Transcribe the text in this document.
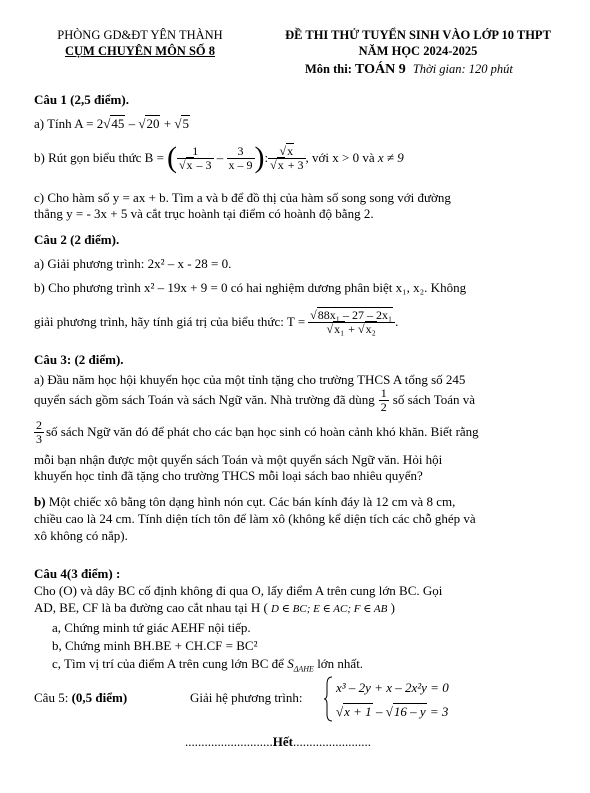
PHÒNG GD&ĐT YÊN THÀNH
CỤM CHUYÊN MÔN SỐ 8
ĐỀ THI THỬ TUYỂN SINH VÀO LỚP 10 THPT
NĂM HỌC 2024-2025
Môn thi: TOÁN 9 Thời gian: 120 phút
Câu 1 (2,5 điểm).
a) Tính A = 2√45 – √20 + √5
b) Rút gọn biểu thức B = ( $\frac{1}{√x - 3} - \frac{3}{x - 9}$ ) : $\frac{√x}{√x + 3}$ , với x > 0 và x ≠ 9
c) Cho hàm số y = ax + b. Tìm a và b để đồ thị của hàm số song song với đường
thẳng y = - 3x + 5 và cắt trục hoành tại điểm có hoành độ bằng 2.
Câu 2 (2 điểm).
a) Giải phương trình: 2x² – x - 28 = 0.
b) Cho phương trình x² – 19x + 9 = 0 có hai nghiệm dương phân biệt x₁, x₂. Không
giải phương trình, hãy tính giá trị của biểu thức: $T = \frac{\text{√88x₁ – 27 – 2x₁}}{\text{√x₁ + √x₂}}$ .
Câu 3: (2 điểm).
a) Đầu năm học hội khuyến học của một tỉnh tặng cho trường THCS A tổng số 245
quyển sách gồm sách Toán và sách Ngữ văn. Nhà trường đã dùng $\frac{1}{2}$ số sách Toán và
$\frac{2}{3}$ số sách Ngữ văn đó để phát cho các bạn học sinh có hoàn cảnh khó khăn. Biết rằng
mỗi bạn nhận được một quyển sách Toán và một quyển sách Ngữ văn. Hỏi hội
khuyến học tỉnh đã tặng cho trường THCS mỗi loại sách bao nhiêu quyển?
b) Một chiếc xô bằng tôn dạng hình nón cụt. Các bán kính đáy là 12 cm và 8 cm,
chiều cao là 24 cm. Tính diện tích tôn để làm xô (không kể diện tích các chỗ ghép và
xô không có nắp).
Câu 4(3 điểm) :
Cho (O) và dây BC cố định không đi qua O, lấy điểm A trên cung lớn BC. Gọi
AD, BE, CF là ba đường cao cắt nhau tại H ( D ∈ BC; E ∈ AC; F ∈ AB )
a, Chứng minh tứ giác AEHF nội tiếp.
b, Chứng minh BH.BE + CH.CF = BC²
c, Tìm vị trí của điểm A trên cung lớn BC để $S_{\Delta AHE}$ lớn nhất.
Câu 5: (0,5 điểm)	Giải hệ phương trình:
x³ – 2y + x – 2x²y = 0
√x + 1 – √16 – y = 3
...........................Hết........................
